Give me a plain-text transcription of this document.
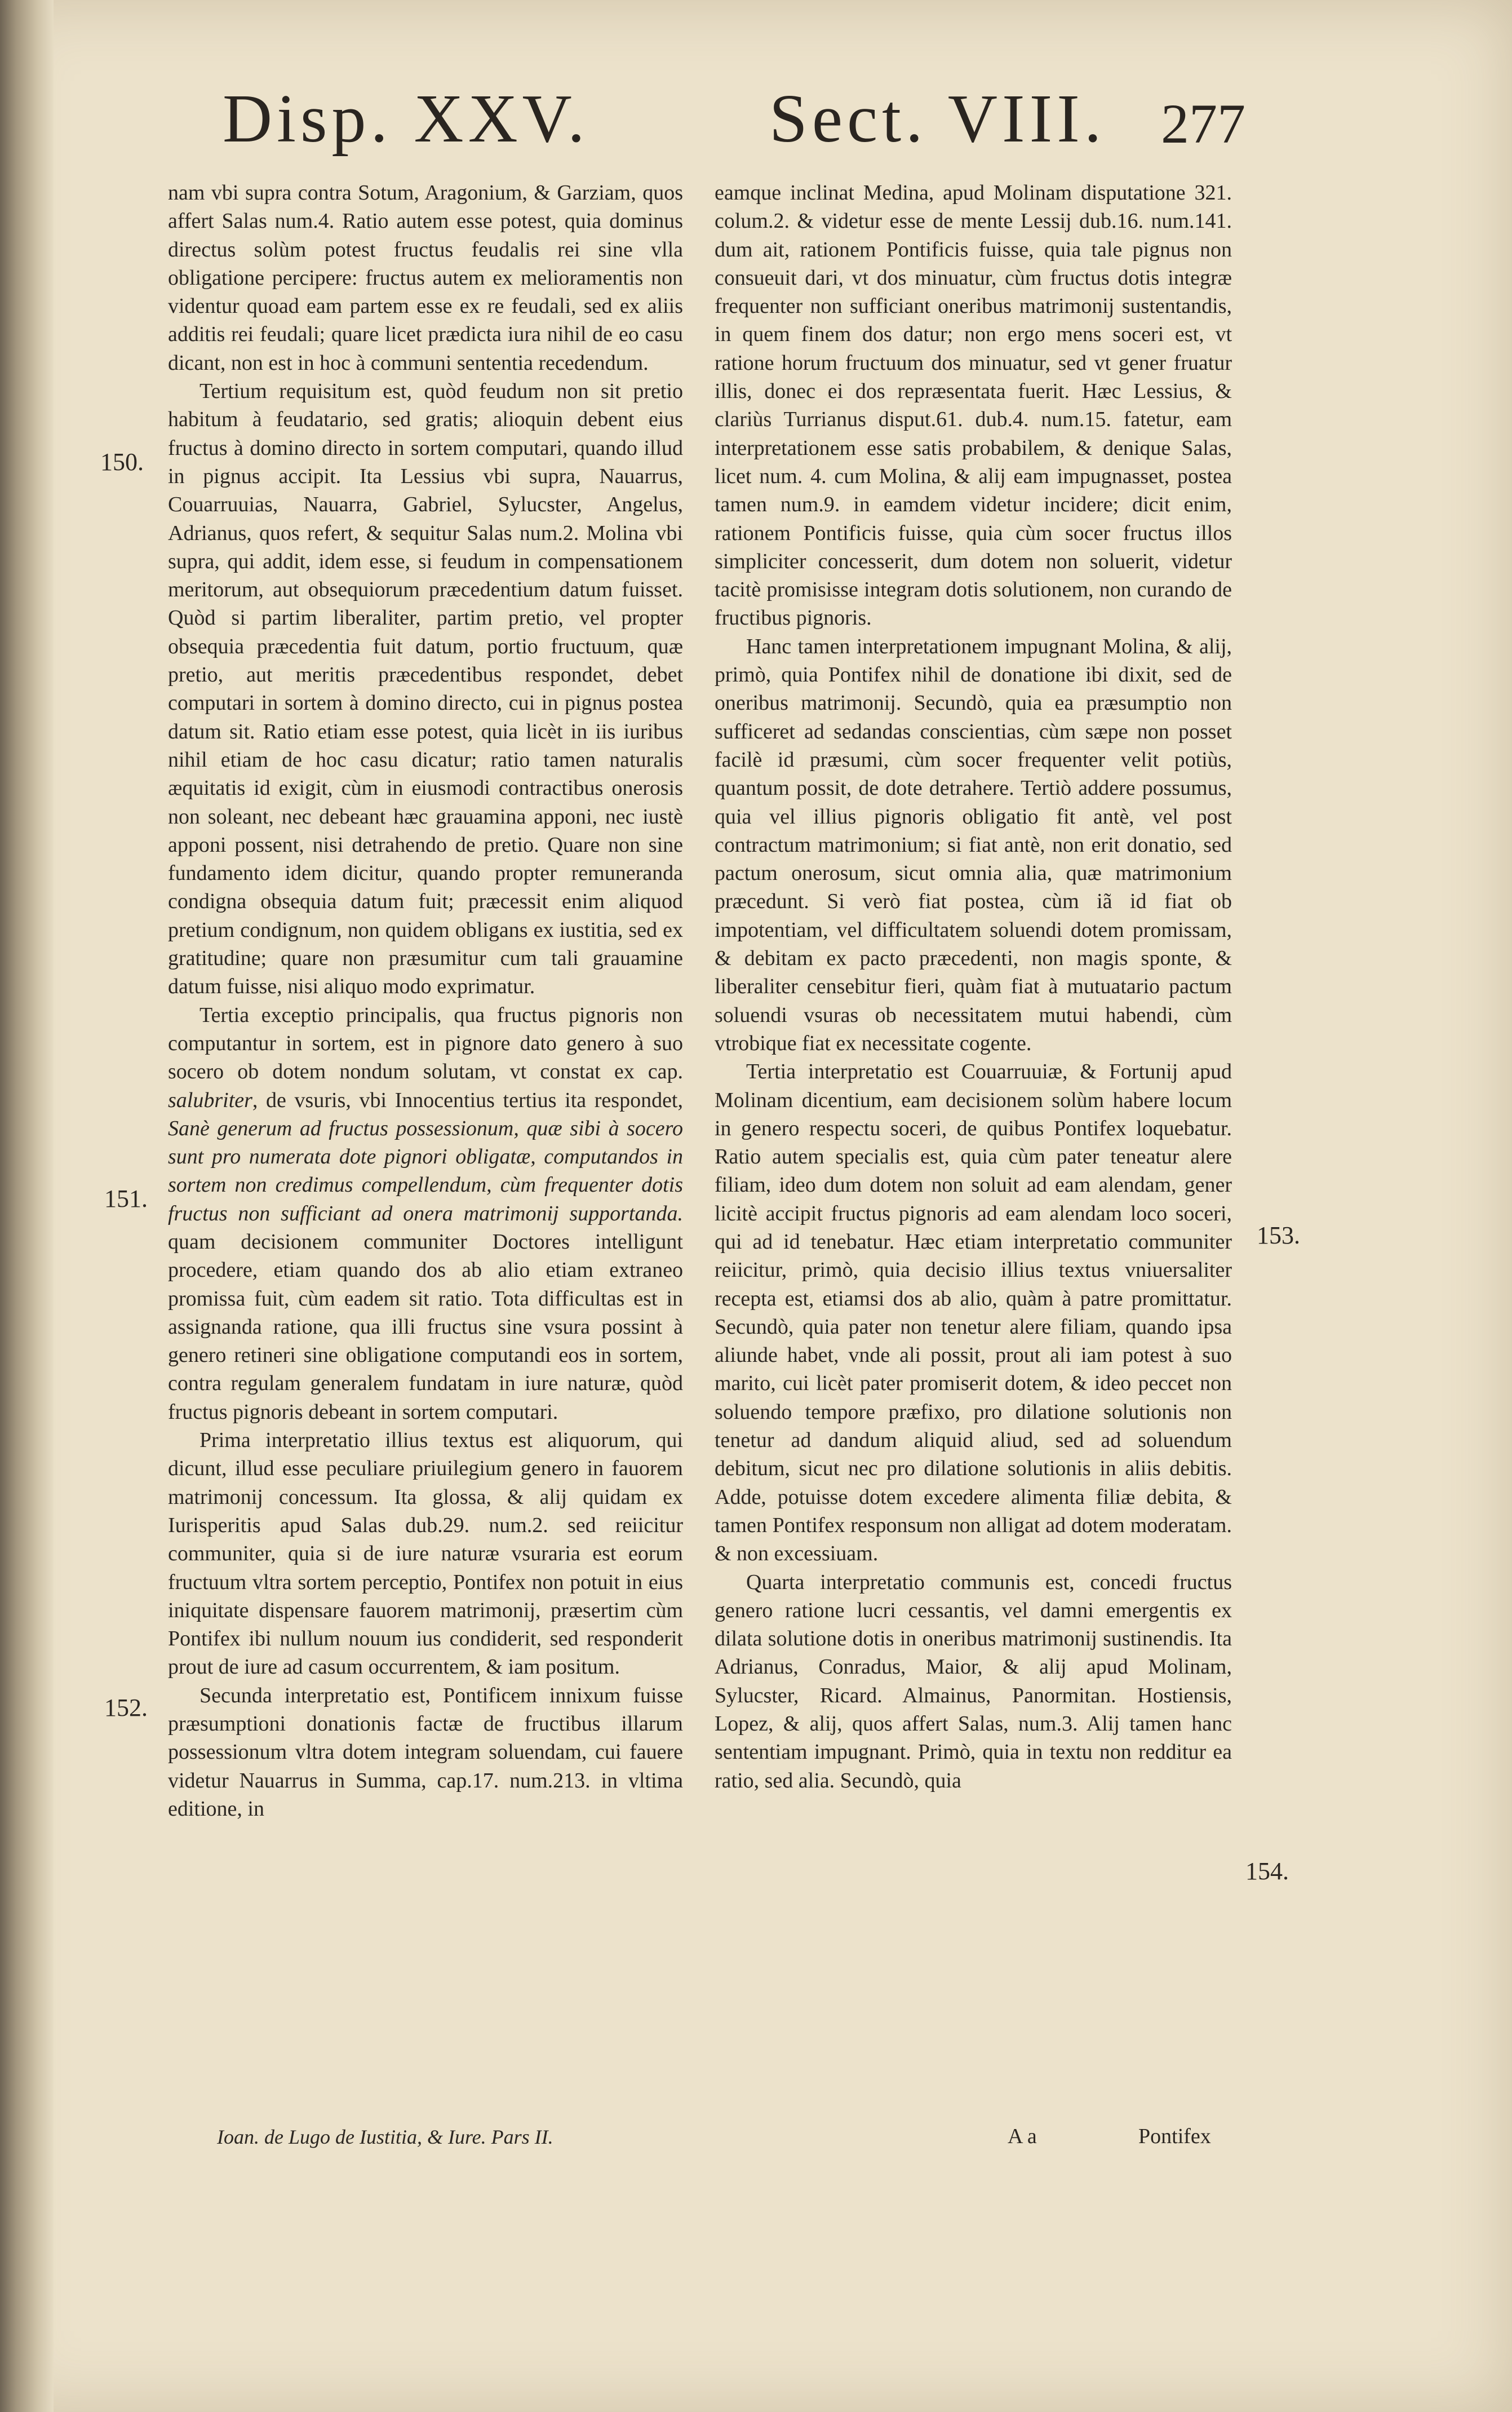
Disp. XXV.	Sect. VIII. 277
150.
151.
152.
153.
154.

nam vbi supra contra Sotum, Aragonium, & Garziam, quos affert Salas num.4. Ratio autem esse potest, quia dominus directus solùm potest fructus feudalis rei sine vlla obligatione percipere: fructus autem ex melioramentis non videntur quoad eam partem esse ex re feudali, sed ex aliis additis rei feudali; quare licet prædicta iura nihil de eo casu dicant, non est in hoc à communi sententia recedendum.

Tertium requisitum est, quòd feudum non sit pretio habitum à feudatario, sed gratis; alioquin debent eius fructus à domino directo in sortem computari, quando illud in pignus accipit. Ita Lessius vbi supra, Nauarrus, Couarruuias, Nauarra, Gabriel, Sylucster, Angelus, Adrianus, quos refert, & sequitur Salas num.2. Molina vbi supra, qui addit, idem esse, si feudum in compensationem meritorum, aut obsequiorum præcedentium datum fuisset. Quòd si partim liberaliter, partim pretio, vel propter obsequia præcedentia fuit datum, portio fructuum, quæ pretio, aut meritis præcedentibus respondet, debet computari in sortem à domino directo, cui in pignus postea datum sit. Ratio etiam esse potest, quia licèt in iis iuribus nihil etiam de hoc casu dicatur; ratio tamen naturalis æquitatis id exigit, cùm in eiusmodi contractibus onerosis non soleant, nec debeant hæc grauamina apponi, nec iustè apponi possent, nisi detrahendo de pretio. Quare non sine fundamento idem dicitur, quando propter remuneranda condigna obsequia datum fuit; præcessit enim aliquod pretium condignum, non quidem obligans ex iustitia, sed ex gratitudine; quare non præsumitur cum tali grauamine datum fuisse, nisi aliquo modo exprimatur.

Tertia exceptio principalis, qua fructus pignoris non computantur in sortem, est in pignore dato genero à suo socero ob dotem nondum solutam, vt constat ex cap. salubriter, de vsuris, vbi Innocentius tertius ita respondet, Sanè generum ad fructus possessionum, quæ sibi à socero sunt pro numerata dote pignori obligatæ, computandos in sortem non credimus compellendum, cùm frequenter dotis fructus non sufficiant ad onera matrimonij supportanda. quam decisionem communiter Doctores intelligunt procedere, etiam quando dos ab alio etiam extraneo promissa fuit, cùm eadem sit ratio. Tota difficultas est in assignanda ratione, qua illi fructus sine vsura possint à genero retineri sine obligatione computandi eos in sortem, contra regulam generalem fundatam in iure naturæ, quòd fructus pignoris debeant in sortem computari.

Prima interpretatio illius textus est aliquorum, qui dicunt, illud esse peculiare priuilegium genero in fauorem matrimonij concessum. Ita glossa, & alij quidam ex Iurisperitis apud Salas dub.29. num.2. sed reiicitur communiter, quia si de iure naturæ vsuraria est eorum fructuum vltra sortem perceptio, Pontifex non potuit in eius iniquitate dispensare fauorem matrimonij, præsertim cùm Pontifex ibi nullum nouum ius condiderit, sed responderit prout de iure ad casum occurrentem, & iam positum.

Secunda interpretatio est, Pontificem innixum fuisse præsumptioni donationis factæ de fructibus illarum possessionum vltra dotem integram soluendam, cui fauere videtur Nauarrus in Summa, cap.17. num.213. in vltima editione, in

eamque inclinat Medina, apud Molinam disputatione 321. colum.2. & videtur esse de mente Lessij dub.16. num.141. dum ait, rationem Pontificis fuisse, quia tale pignus non consueuit dari, vt dos minuatur, cùm fructus dotis integræ frequenter non sufficiant oneribus matrimonij sustentandis, in quem finem dos datur; non ergo mens soceri est, vt ratione horum fructuum dos minuatur, sed vt gener fruatur illis, donec ei dos repræsentata fuerit. Hæc Lessius, & clariùs Turrianus disput.61. dub.4. num.15. fatetur, eam interpretationem esse satis probabilem, & denique Salas, licet num. 4. cum Molina, & alij eam impugnasset, postea tamen num.9. in eamdem videtur incidere; dicit enim, rationem Pontificis fuisse, quia cùm socer fructus illos simpliciter concesserit, dum dotem non soluerit, videtur tacitè promisisse integram dotis solutionem, non curando de fructibus pignoris.

Hanc tamen interpretationem impugnant Molina, & alij, primò, quia Pontifex nihil de donatione ibi dixit, sed de oneribus matrimonij. Secundò, quia ea præsumptio non sufficeret ad sedandas conscientias, cùm sæpe non posset facilè id præsumi, cùm socer frequenter velit potiùs, quantum possit, de dote detrahere. Tertiò addere possumus, quia vel illius pignoris obligatio fit antè, vel post contractum matrimonium; si fiat antè, non erit donatio, sed pactum onerosum, sicut omnia alia, quæ matrimonium præcedunt. Si verò fiat postea, cùm iã id fiat ob impotentiam, vel difficultatem soluendi dotem promissam, & debitam ex pacto præcedenti, non magis sponte, & liberaliter censebitur fieri, quàm fiat à mutuatario pactum soluendi vsuras ob necessitatem mutui habendi, cùm vtrobique fiat ex necessitate cogente.

Tertia interpretatio est Couarruuiæ, & Fortunij apud Molinam dicentium, eam decisionem solùm habere locum in genero respectu soceri, de quibus Pontifex loquebatur. Ratio autem specialis est, quia cùm pater teneatur alere filiam, ideo dum dotem non soluit ad eam alendam, gener licitè accipit fructus pignoris ad eam alendam loco soceri, qui ad id tenebatur. Hæc etiam interpretatio communiter reiicitur, primò, quia decisio illius textus vniuersaliter recepta est, etiamsi dos ab alio, quàm à patre promittatur. Secundò, quia pater non tenetur alere filiam, quando ipsa aliunde habet, vnde ali possit, prout ali iam potest à suo marito, cui licèt pater promiserit dotem, & ideo peccet non soluendo tempore præfixo, pro dilatione solutionis non tenetur ad dandum aliquid aliud, sed ad soluendum debitum, sicut nec pro dilatione solutionis in aliis debitis. Adde, potuisse dotem excedere alimenta filiæ debita, & tamen Pontifex responsum non alligat ad dotem moderatam. & non excessiuam.

Quarta interpretatio communis est, concedi fructus genero ratione lucri cessantis, vel damni emergentis ex dilata solutione dotis in oneribus matrimonij sustinendis. Ita Adrianus, Conradus, Maior, & alij apud Molinam, Sylucster, Ricard. Almainus, Panormitan. Hostiensis, Lopez, & alij, quos affert Salas, num.3. Alij tamen hanc sententiam impugnant. Primò, quia in textu non redditur ea ratio, sed alia. Secundò, quia

Ioan. de Lugo de Iustitia, & Iure. Pars II.	A a	Pontifex
